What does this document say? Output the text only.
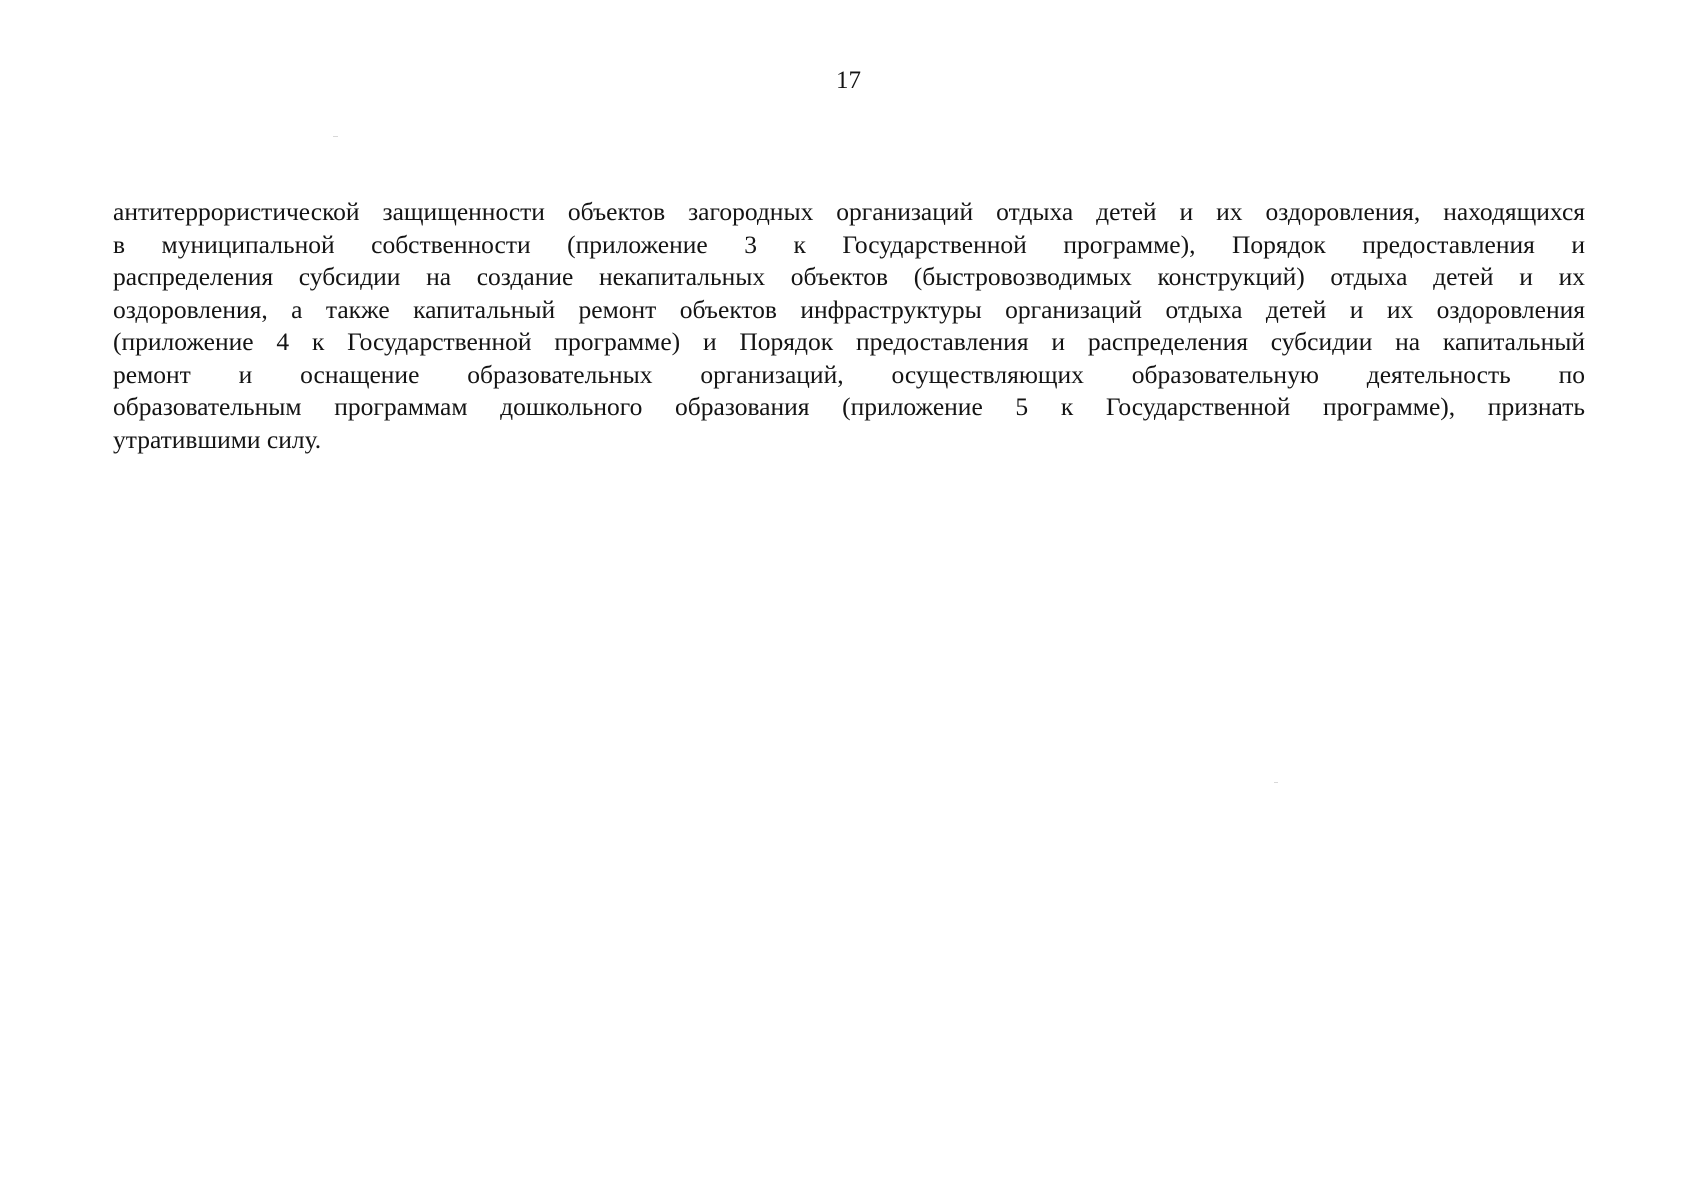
17

антитеррористической защищенности объектов загородных организаций отдыха детей и их оздоровления, находящихся
в муниципальной собственности (приложение 3 к Государственной программе), Порядок предоставления и
распределения субсидии на создание некапитальных объектов (быстровозводимых конструкций) отдыха детей и их
оздоровления, а также капитальный ремонт объектов инфраструктуры организаций отдыха детей и их оздоровления
(приложение 4 к Государственной программе) и Порядок предоставления и распределения субсидии на капитальный
ремонт и оснащение образовательных организаций, осуществляющих образовательную деятельность по
образовательным программам дошкольного образования (приложение 5 к Государственной программе), признать
утратившими силу.
